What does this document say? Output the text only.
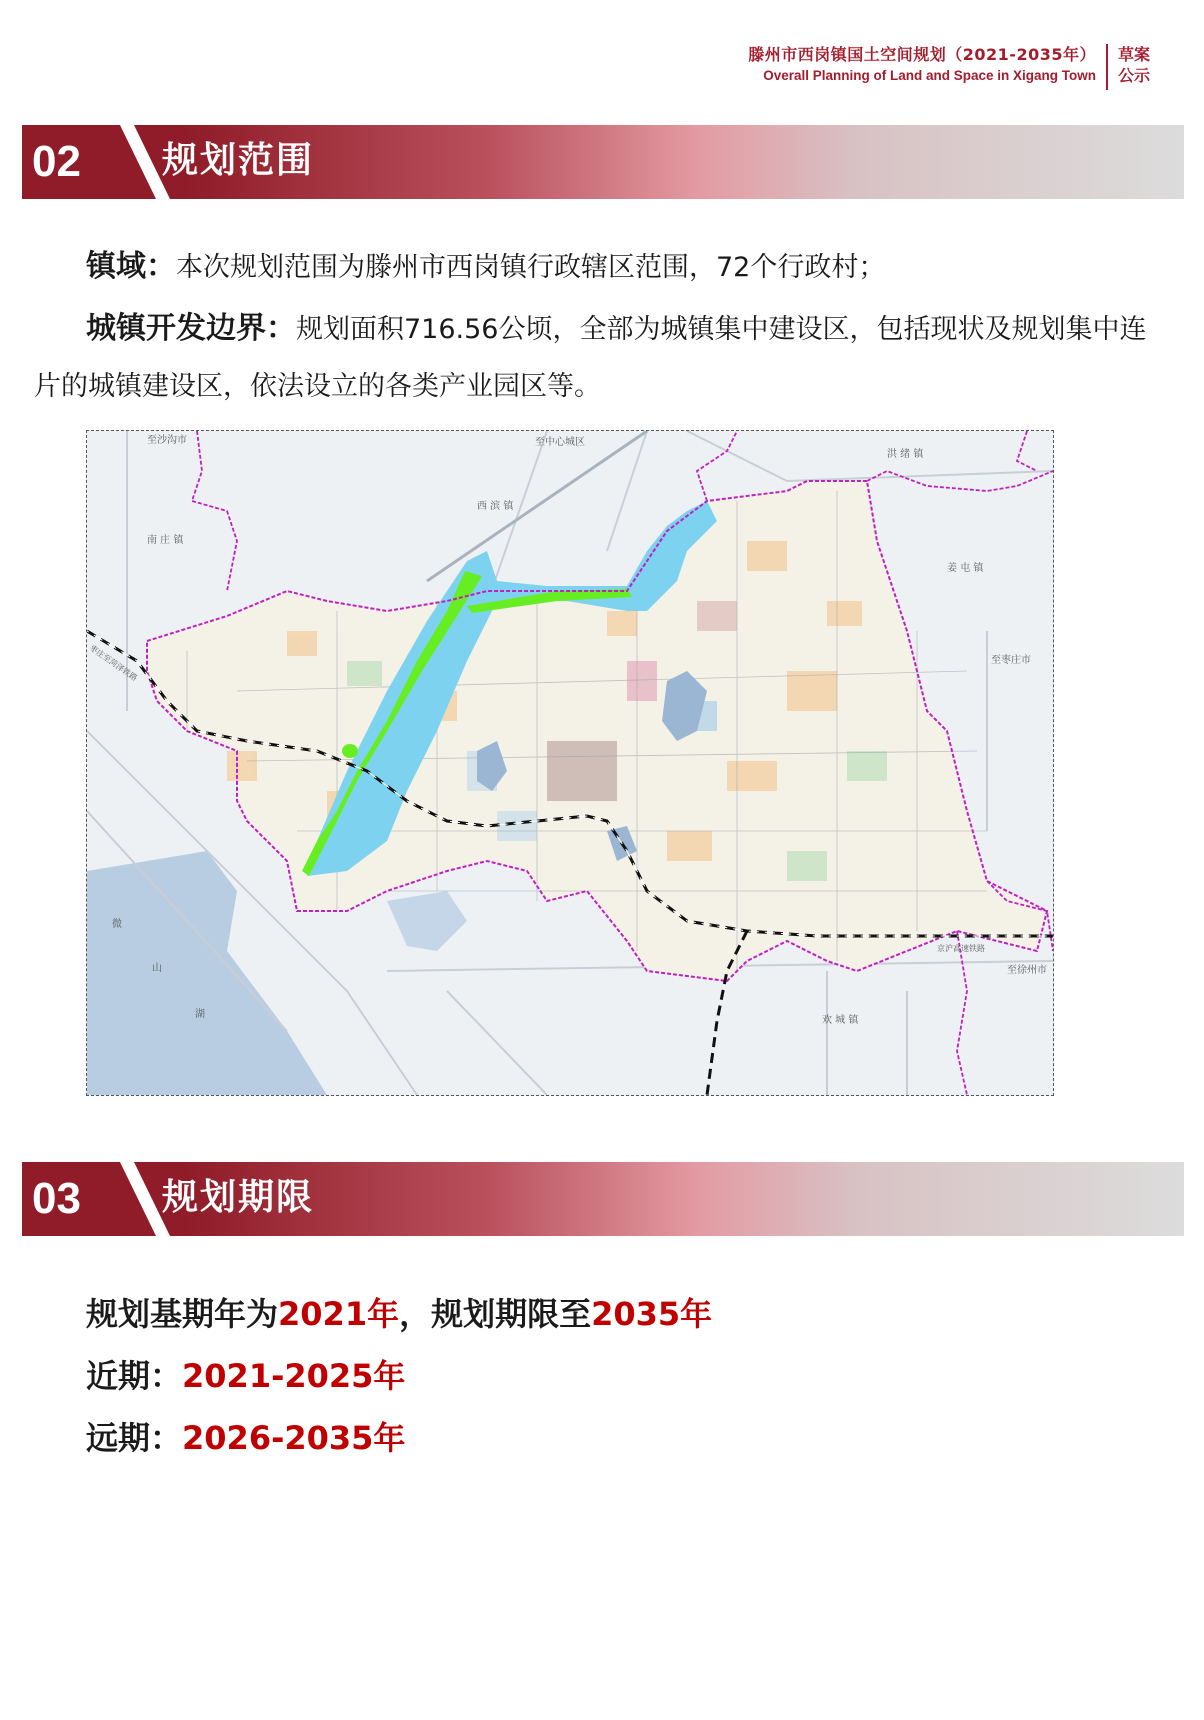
滕州市西岗镇国土空间规划（2021-2035年）
Overall Planning of Land and Space in Xigang Town
草案
公示
02 规划范围
镇域：本次规划范围为滕州市西岗镇行政辖区范围，72个行政村；
城镇开发边界：规划面积716.56公顷，全部为城镇集中建设区，包括现状及规划集中连片的城镇建设区，依法设立的各类产业园区等。
至沙沟市	至中心城区
洪 绪 镇
西 滨 镇
南 庄 镇
姜 屯 镇
至枣庄市
微
山
湖
欢 城 镇
京沪高速铁路
至徐州市
枣庄至菏泽铁路
03 规划期限
规划基期年为2021年，规划期限至2035年
近期：2021-2025年
远期：2026-2035年
